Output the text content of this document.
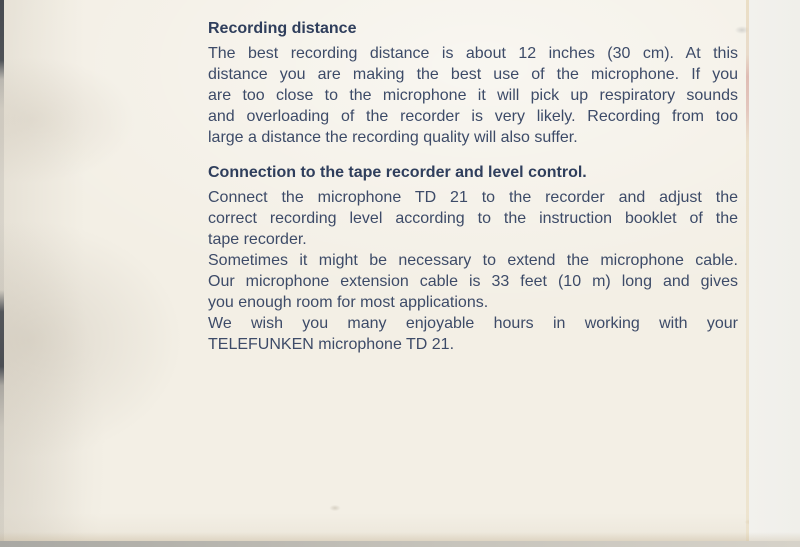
Recording distance
The best recording distance is about 12 inches (30 cm). At this
distance you are making the best use of the microphone. If you
are too close to the microphone it will pick up respiratory sounds
and overloading of the recorder is very likely. Recording from too
large a distance the recording quality will also suffer.
Connection to the tape recorder and level control.
Connect the microphone TD 21 to the recorder and adjust the
correct recording level according to the instruction booklet of the
tape recorder.
Sometimes it might be necessary to extend the microphone cable.
Our microphone extension cable is 33 feet (10 m) long and gives
you enough room for most applications.
We wish you many enjoyable hours in working with your
TELEFUNKEN microphone TD 21.
